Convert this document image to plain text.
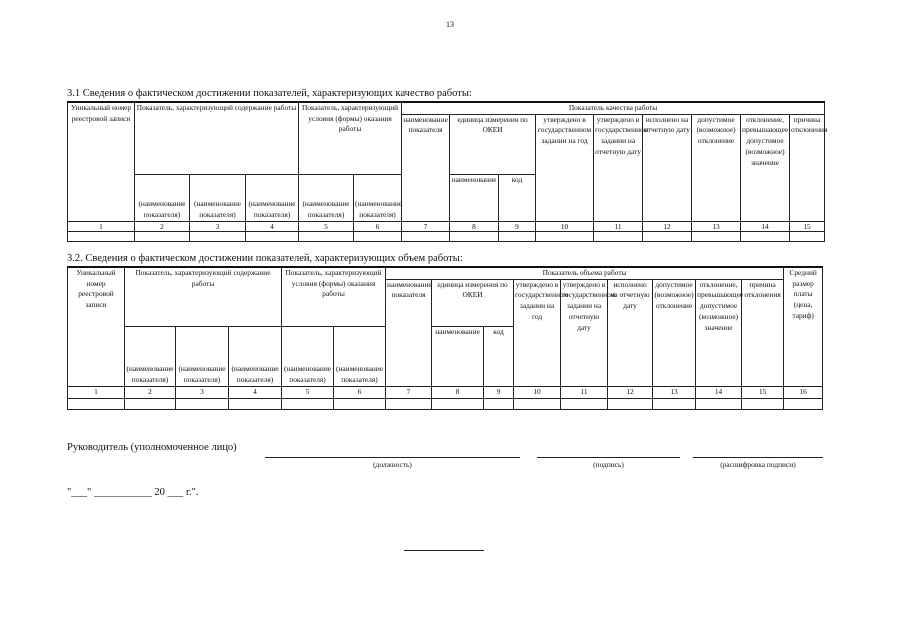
13
3.1 Сведения о фактическом достижении показателей, характеризующих качество работы:
Уникальный номер реестровой записи	Показатель, характеризующий содержание работы			Показатель, характеризующий условия (формы) оказания работы		Показатель качества работы								
						наименование показателя	единица измерения по ОКЕИ		утверждено в государственном задании на год	утверждено в государственном задании на отчетную дату	исполнено на отчетную дату	допустимое (возможное) отклонение	отклонение, превышающее допустимое (возможное) значение	причина отклонения
	(наименование показателя)	(наименование показателя)	(наименование показателя)	(наименование показателя)	(наименование показателя)		наименование	код						
1	2	3	4	5	6	7	8	9	10	11	12	13	14	15

3.2. Сведения о фактическом достижении показателей, характеризующих объем работы:
Уникальный номер реестровой записи	Показатель, характеризующий содержание работы			Показатель, характеризующий условия (формы) оказания работы		Показатель объема работы									Средний размер платы (цена, тариф)
						наименование показателя	единица измерения по ОКЕИ		утверждено в государственном задании на год	утверждено в государственном задании на отчетную дату	исполнено на отчетную дату	допустимое (возможное) отклонение	отклонение, превышающее допустимое (возможное) значение	причина отклонения	
	(наименование показателя)	(наименование показателя)	(наименование показателя)	(наименование показателя)	(наименование показателя)		наименование	код							
1	2	3	4	5	6	7	8	9	10	11	12	13	14	15	16

Руководитель (уполномоченное лицо)
(должность)	(подпись)	(расшифровка подписи)
"___" ___________ 20 ___ г.".
